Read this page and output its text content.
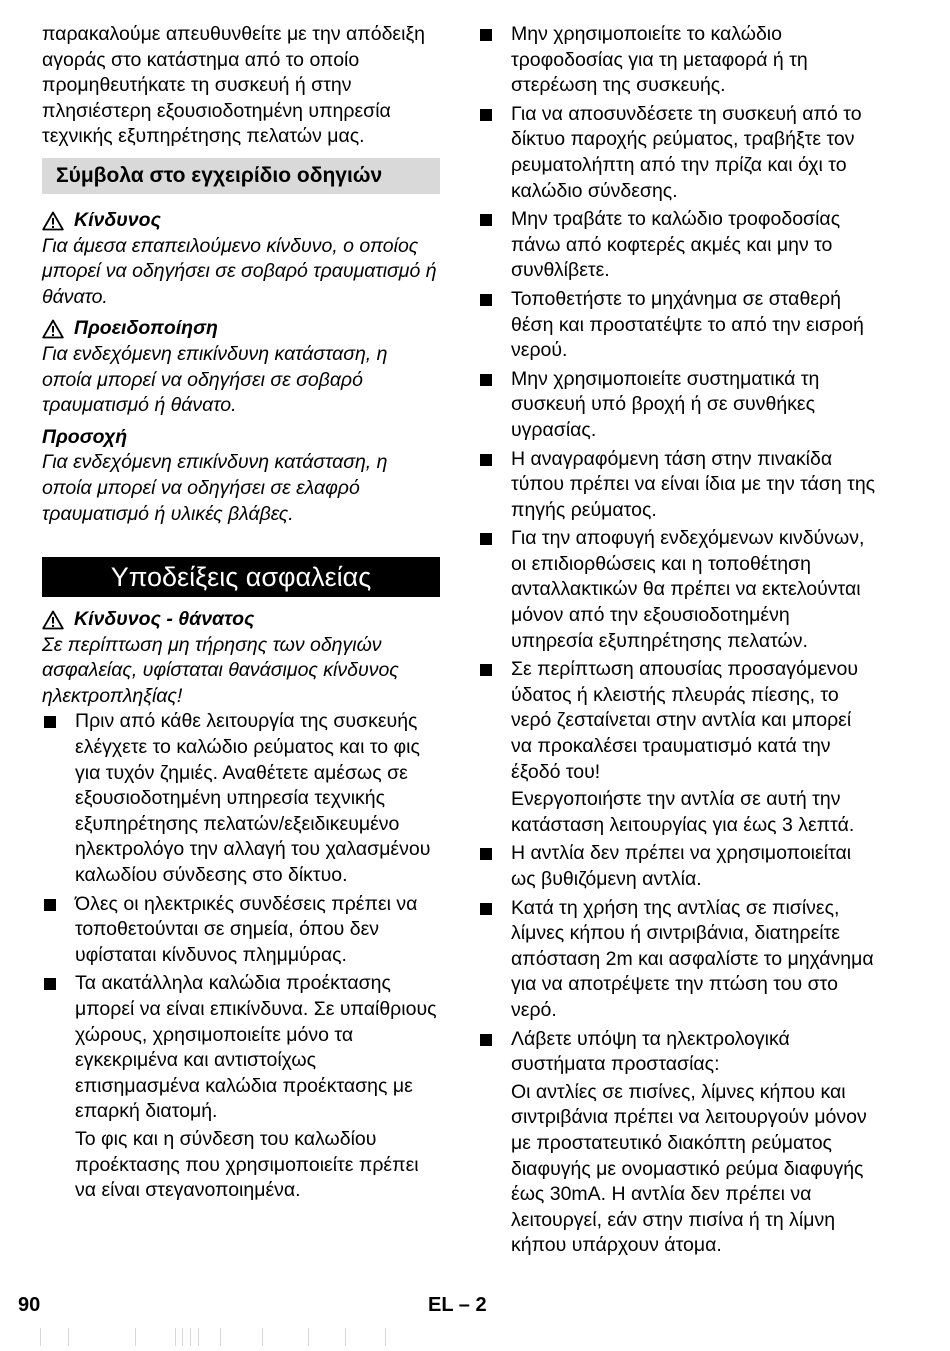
παρακαλούμε απευθυνθείτε με την απόδειξη αγοράς στο κατάστημα από το οποίο προμηθευτήκατε τη συσκευή ή στην πλησιέστερη εξουσιοδοτημένη υπηρεσία τεχνικής εξυπηρέτησης πελατών μας.

Σύμβολα στο εγχειρίδιο οδηγιών
Κίνδυνος

Για άμεσα επαπειλούμενο κίνδυνο, ο οποίος μπορεί να οδηγήσει σε σοβαρό τραυματισμό ή θάνατο.

Προειδοποίηση

Για ενδεχόμενη επικίνδυνη κατάσταση, η οποία μπορεί να οδηγήσει σε σοβαρό τραυματισμό ή θάνατο.

Προσοχή

Για ενδεχόμενη επικίνδυνη κατάσταση, η οποία μπορεί να οδηγήσει σε ελαφρό τραυματισμό ή υλικές βλάβες.

Υποδείξεις ασφαλείας
Κίνδυνος - θάνατος

Σε περίπτωση μη τήρησης των οδηγιών ασφαλείας, υφίσταται θανάσιμος κίνδυνος ηλεκτροπληξίας!

Πριν από κάθε λειτουργία της συσκευής ελέγχετε το καλώδιο ρεύματος και το φις για τυχόν ζημιές. Αναθέτετε αμέσως σε εξουσιοδοτημένη υπηρεσία τεχνικής εξυπηρέτησης πελατών/εξειδικευμένο ηλεκτρολόγο την αλλαγή του χαλασμένου καλωδίου σύνδεσης στο δίκτυο.
Όλες οι ηλεκτρικές συνδέσεις πρέπει να τοποθετούνται σε σημεία, όπου δεν υφίσταται κίνδυνος πλημμύρας.
Τα ακατάλληλα καλώδια προέκτασης μπορεί να είναι επικίνδυνα. Σε υπαίθριους χώρους, χρησιμοποιείτε μόνο τα εγκεκριμένα και αντιστοίχως επισημασμένα καλώδια προέκτασης με επαρκή διατομή.

Το φις και η σύνδεση του καλωδίου προέκτασης που χρησιμοποιείτε πρέπει να είναι στεγανοποιημένα.

Μην χρησιμοποιείτε το καλώδιο τροφοδοσίας για τη μεταφορά ή τη στερέωση της συσκευής.
Για να αποσυνδέσετε τη συσκευή από το δίκτυο παροχής ρεύματος, τραβήξτε τον ρευματολήπτη από την πρίζα και όχι το καλώδιο σύνδεσης.
Μην τραβάτε το καλώδιο τροφοδοσίας πάνω από κοφτερές ακμές και μην το συνθλίβετε.
Τοποθετήστε το μηχάνημα σε σταθερή θέση και προστατέψτε το από την εισροή νερού.
Μην χρησιμοποιείτε συστηματικά τη συσκευή υπό βροχή ή σε συνθήκες υγρασίας.
Η αναγραφόμενη τάση στην πινακίδα τύπου πρέπει να είναι ίδια με την τάση της πηγής ρεύματος.
Για την αποφυγή ενδεχόμενων κινδύνων, οι επιδιορθώσεις και η τοποθέτηση ανταλλακτικών θα πρέπει να εκτελούνται μόνον από την εξουσιοδοτημένη υπηρεσία εξυπηρέτησης πελατών.
Σε περίπτωση απουσίας προσαγόμενου ύδατος ή κλειστής πλευράς πίεσης, το νερό ζεσταίνεται στην αντλία και μπορεί να προκαλέσει τραυματισμό κατά την έξοδό του!

Ενεργοποιήστε την αντλία σε αυτή την κατάσταση λειτουργίας για έως 3 λεπτά.

Η αντλία δεν πρέπει να χρησιμοποιείται ως βυθιζόμενη αντλία.
Κατά τη χρήση της αντλίας σε πισίνες, λίμνες κήπου ή σιντριβάνια, διατηρείτε απόσταση 2m και ασφαλίστε το μηχάνημα για να αποτρέψετε την πτώση του στο νερό.
Λάβετε υπόψη τα ηλεκτρολογικά συστήματα προστασίας:

Οι αντλίες σε πισίνες, λίμνες κήπου και σιντριβάνια πρέπει να λειτουργούν μόνον με προστατευτικό διακόπτη ρεύματος διαφυγής με ονομαστικό ρεύμα διαφυγής έως 30mA. Η αντλία δεν πρέπει να λειτουργεί, εάν στην πισίνα ή τη λίμνη κήπου υπάρχουν άτομα.

90	EL – 2
